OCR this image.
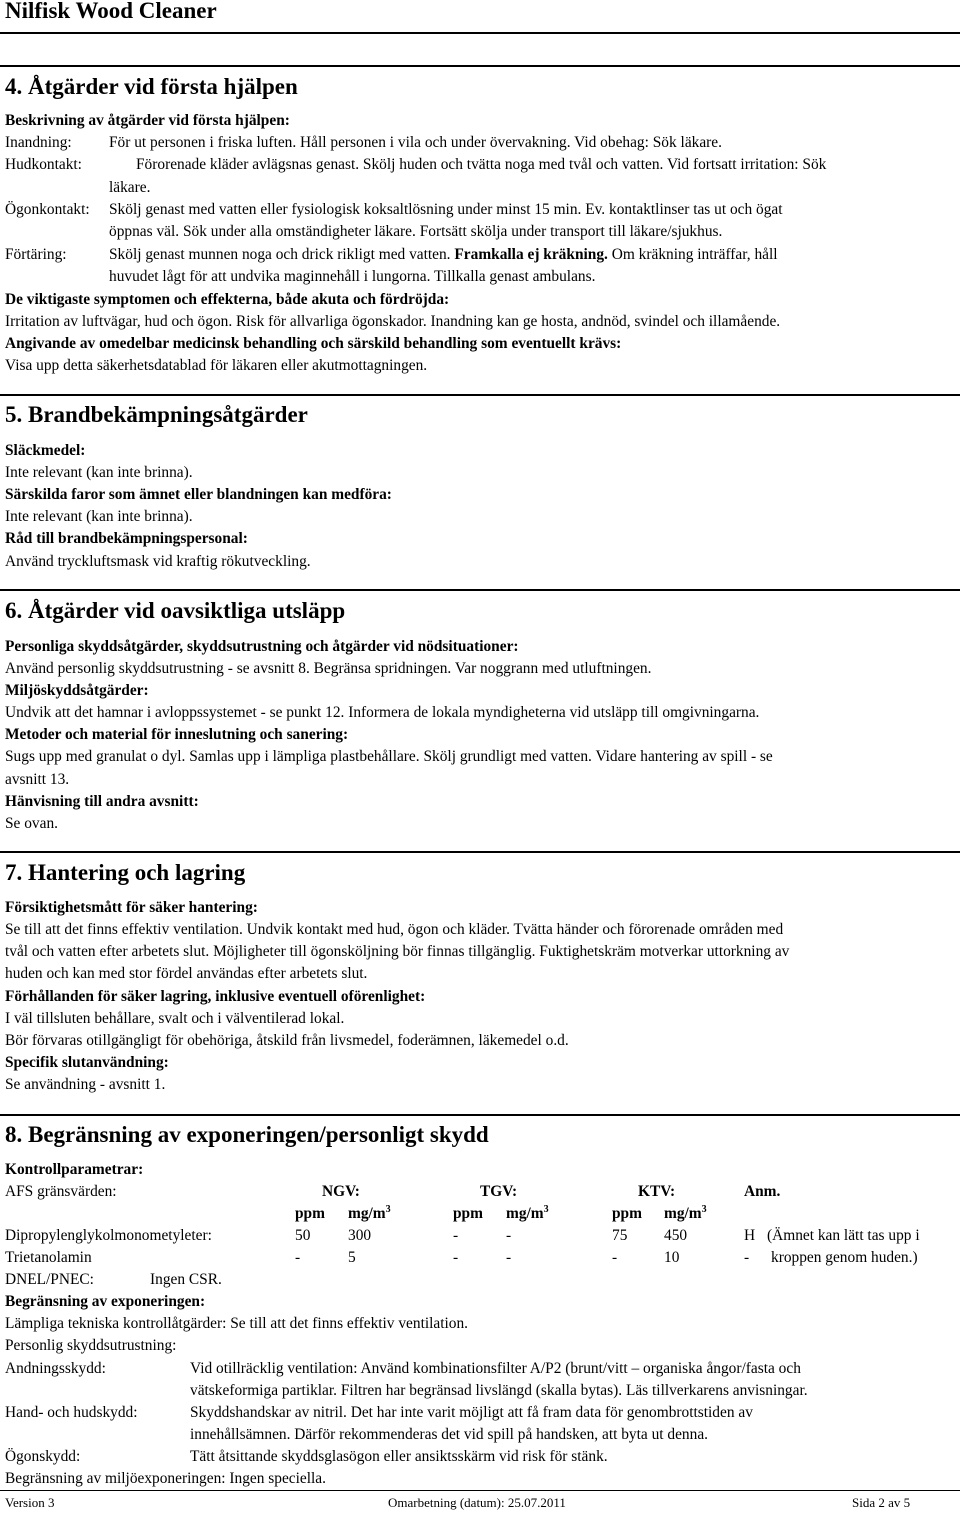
Nilfisk Wood Cleaner
4. Åtgärder vid första hjälpen
Beskrivning av åtgärder vid första hjälpen:
Inandning: För ut personen i friska luften. Håll personen i vila och under övervakning. Vid obehag: Sök läkare.
Hudkontakt:	Förorenade kläder avlägsnas genast. Skölj huden och tvätta noga med tvål och vatten. Vid fortsatt irritation: Sök
läkare.
Ögonkontakt: Skölj genast med vatten eller fysiologisk koksaltlösning under minst 15 min. Ev. kontaktlinser tas ut och ögat
öppnas väl. Sök under alla omständigheter läkare. Fortsätt skölja under transport till läkare/sjukhus.
Förtäring:	Skölj genast munnen noga och drick rikligt med vatten. Framkalla ej kräkning. Om kräkning inträffar, håll
huvudet lågt för att undvika maginnehåll i lungorna. Tillkalla genast ambulans.
De viktigaste symptomen och effekterna, både akuta och fördröjda:
Irritation av luftvägar, hud och ögon. Risk för allvarliga ögonskador. Inandning kan ge hosta, andnöd, svindel och illamående.
Angivande av omedelbar medicinsk behandling och särskild behandling som eventuellt krävs:
Visa upp detta säkerhetsdatablad för läkaren eller akutmottagningen.
5. Brandbekämpningsåtgärder
Släckmedel:
Inte relevant (kan inte brinna).
Särskilda faror som ämnet eller blandningen kan medföra:
Inte relevant (kan inte brinna).
Råd till brandbekämpningspersonal:
Använd tryckluftsmask vid kraftig rökutveckling.
6. Åtgärder vid oavsiktliga utsläpp
Personliga skyddsåtgärder, skyddsutrustning och åtgärder vid nödsituationer:
Använd personlig skyddsutrustning - se avsnitt 8. Begränsa spridningen. Var noggrann med utluftningen.
Miljöskyddsåtgärder:
Undvik att det hamnar i avloppssystemet - se punkt 12. Informera de lokala myndigheterna vid utsläpp till omgivningarna.
Metoder och material för inneslutning och sanering:
Sugs upp med granulat o dyl. Samlas upp i lämpliga plastbehållare. Skölj grundligt med vatten. Vidare hantering av spill - se
avsnitt 13.
Hänvisning till andra avsnitt:
Se ovan.
7. Hantering och lagring
Försiktighetsmått för säker hantering:
Se till att det finns effektiv ventilation. Undvik kontakt med hud, ögon och kläder. Tvätta händer och förorenade områden med
tvål och vatten efter arbetets slut. Möjligheter till ögonsköljning bör finnas tillgänglig. Fuktighetskräm motverkar uttorkning av
huden och kan med stor fördel användas efter arbetets slut.
Förhållanden för säker lagring, inklusive eventuell oförenlighet:
I väl tillsluten behållare, svalt och i välventilerad lokal.
Bör förvaras otillgängligt för obehöriga, åtskild från livsmedel, foderämnen, läkemedel o.d.
Specifik slutanvändning:
Se användning - avsnitt 1.
8. Begränsning av exponeringen/personligt skydd
Kontrollparametrar:
AFS gränsvärden:	NGV:	TGV:	KTV:	Anm.
ppm $mg/m^3$	ppm $mg/m^3$	ppm $mg/m^3$
Dipropylenglykolmonometyleter:	50 300	-	-	75 450	H (Ämnet kan lätt tas upp i
Trietanolamin	-	5	-	-	-	10	- kroppen genom huden.)
DNEL/PNEC:	Ingen CSR.
Begränsning av exponeringen:
Lämpliga tekniska kontrollåtgärder: Se till att det finns effektiv ventilation.
Personlig skyddsutrustning:
Andningsskydd:	Vid otillräcklig ventilation: Använd kombinationsfilter A/P2 (brunt/vitt – organiska ångor/fasta och
vätskeformiga partiklar. Filtren har begränsad livslängd (skalla bytas). Läs tillverkarens anvisningar.
Hand- och hudskydd:	Skyddshandskar av nitril. Det har inte varit möjligt att få fram data för genombrottstiden av
innehållsämnen. Därför rekommenderas det vid spill på handsken, att byta ut denna.
Ögonskydd:	Tätt åtsittande skyddsglasögon eller ansiktsskärm vid risk för stänk.
Begränsning av miljöexponeringen: Ingen speciella.
Version 3	Omarbetning (datum): 25.07.2011	Sida 2 av 5
